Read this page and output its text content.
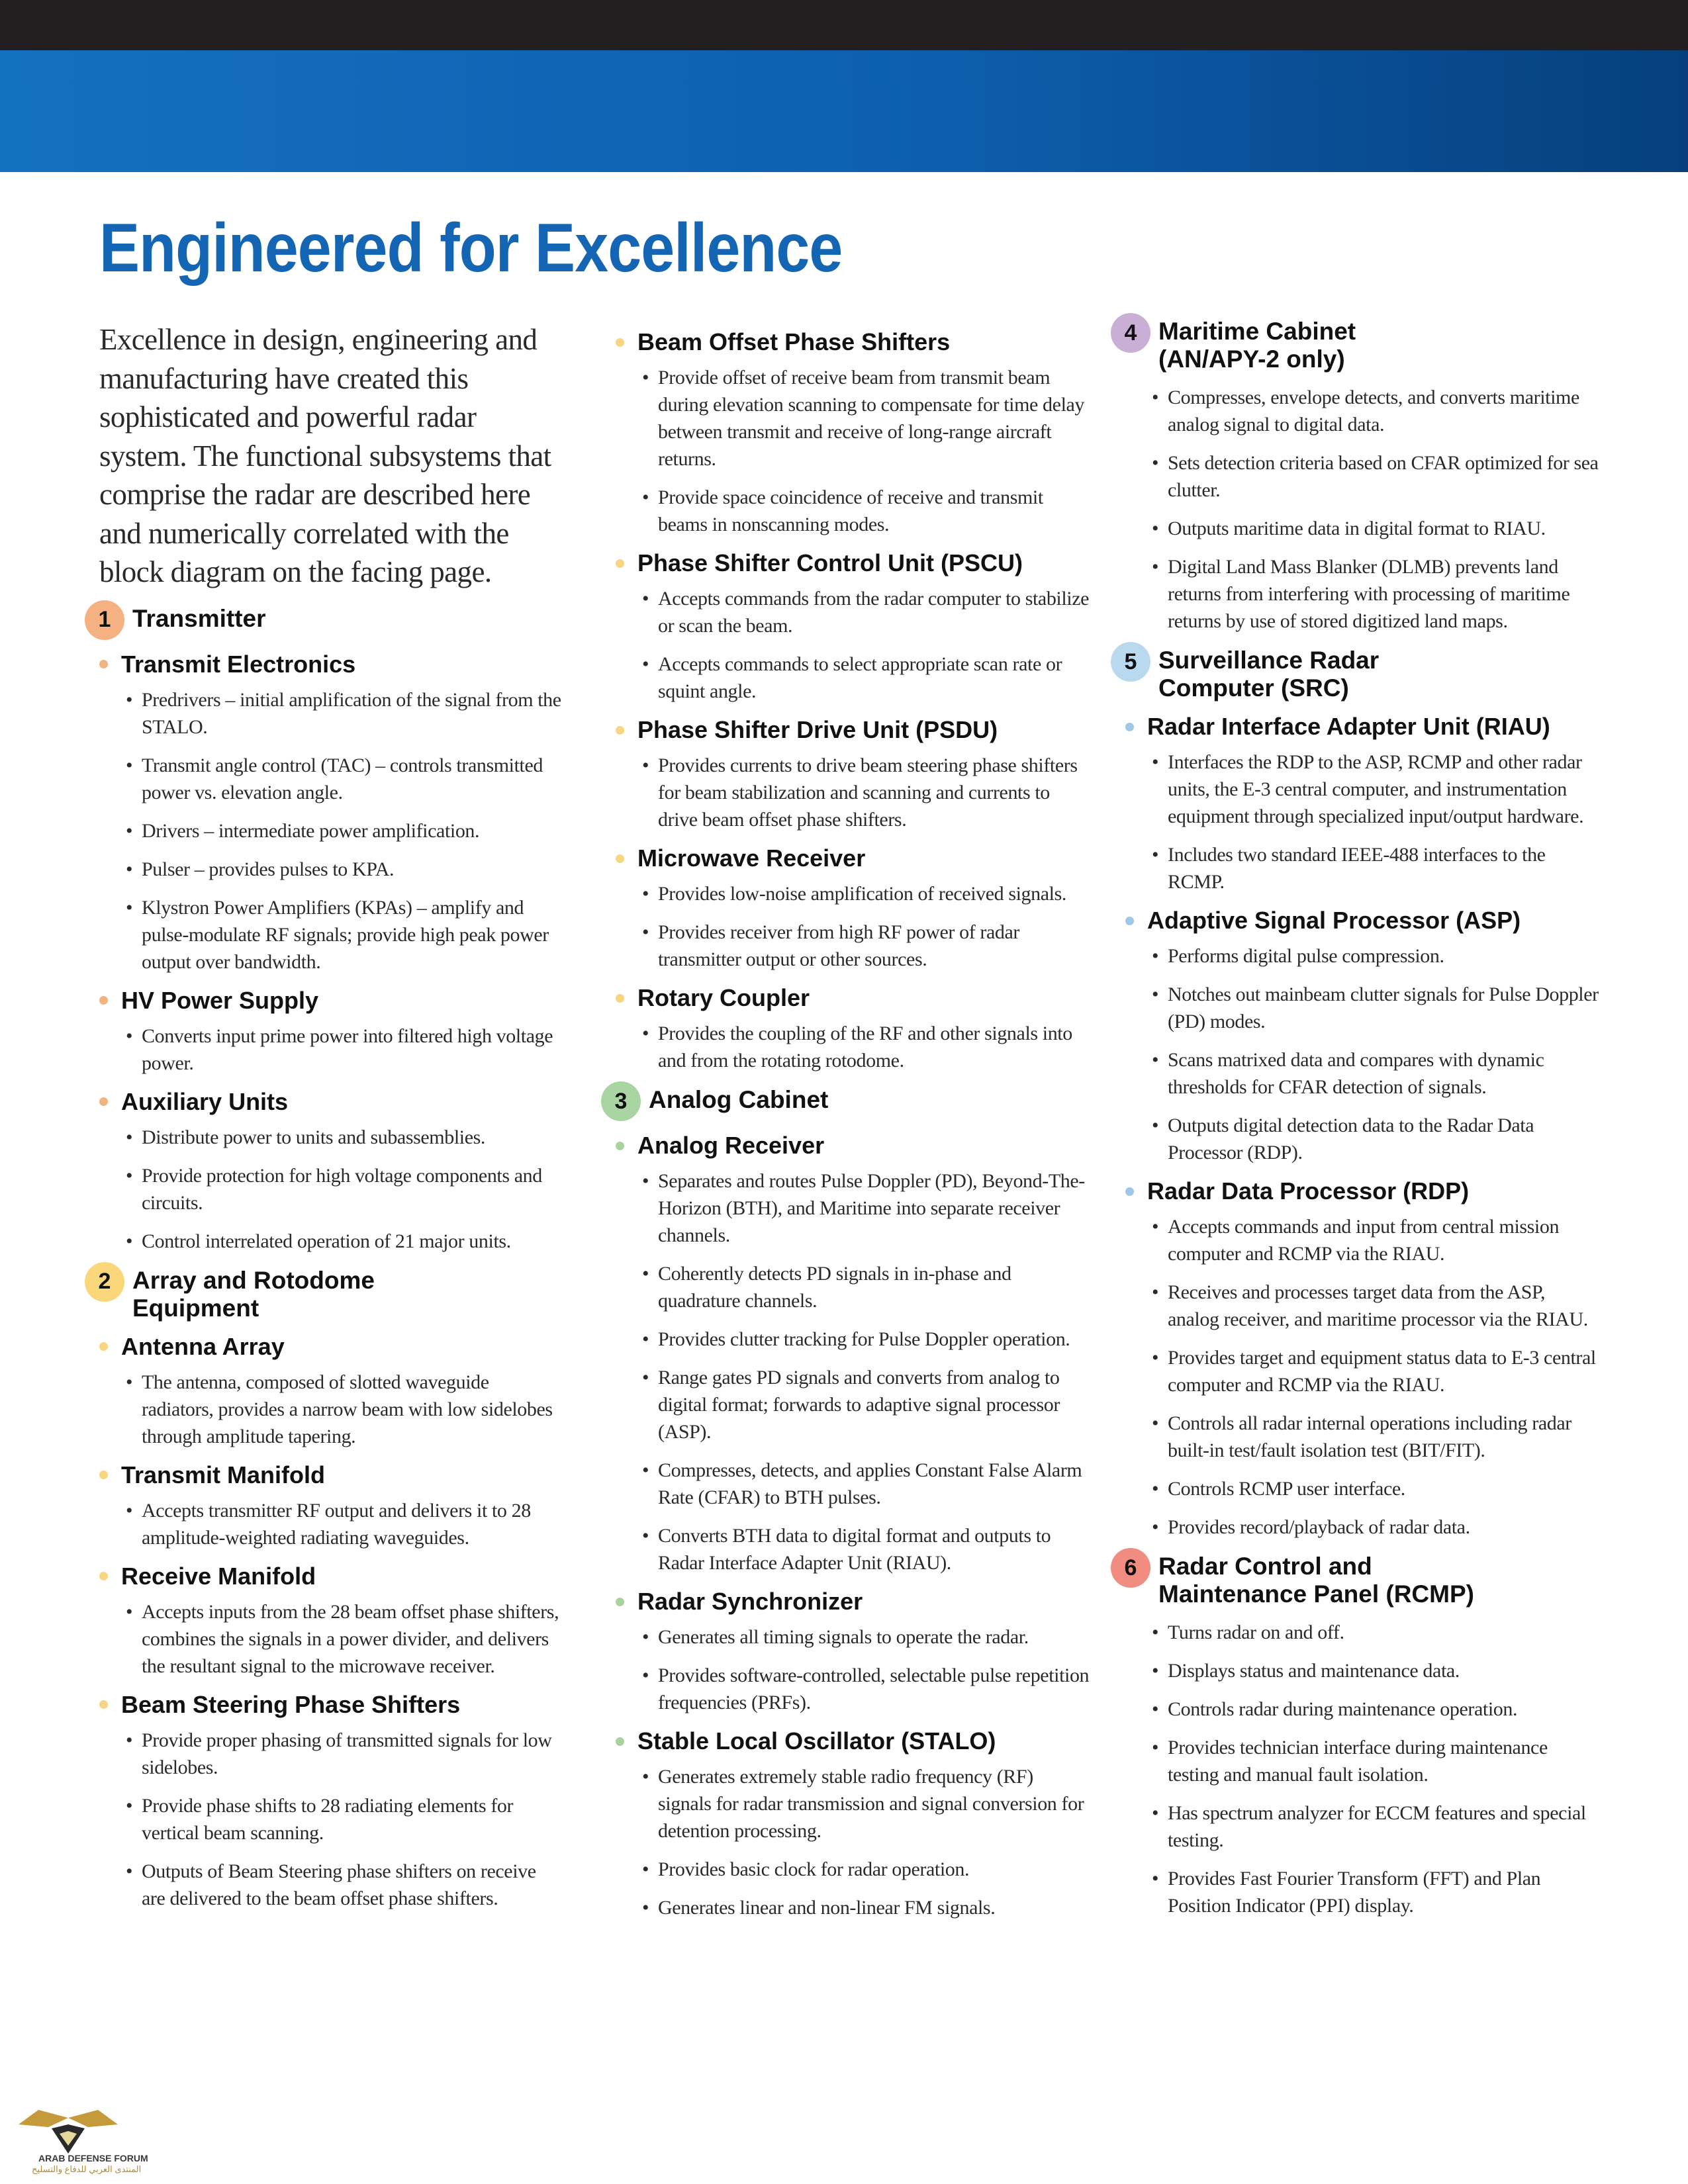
Engineered for Excellence

Excellence in design, engineering and manufacturing have created this sophisticated and powerful radar system. The functional subsystems that comprise the radar are described here and numerically correlated with the block diagram on the facing page.

1 Transmitter
Transmit Electronics
• Predrivers – initial amplification of the signal from the STALO.
• Transmit angle control (TAC) – controls transmitted power vs. elevation angle.
• Drivers – intermediate power amplification.
• Pulser – provides pulses to KPA.
• Klystron Power Amplifiers (KPAs) – amplify and pulse-modulate RF signals; provide high peak power output over bandwidth.
HV Power Supply
• Converts input prime power into filtered high voltage power.
Auxiliary Units
• Distribute power to units and subassemblies.
• Provide protection for high voltage components and circuits.
• Control interrelated operation of 21 major units.
2 Array and Rotodome
Equipment
Antenna Array
• The antenna, composed of slotted waveguide radiators, provides a narrow beam with low sidelobes through amplitude tapering.
Transmit Manifold
• Accepts transmitter RF output and delivers it to 28 amplitude-weighted radiating waveguides.
Receive Manifold
• Accepts inputs from the 28 beam offset phase shifters, combines the signals in a power divider, and delivers the resultant signal to the microwave receiver.
Beam Steering Phase Shifters
• Provide proper phasing of transmitted signals for low sidelobes.
• Provide phase shifts to 28 radiating elements for vertical beam scanning.
• Outputs of Beam Steering phase shifters on receive are delivered to the beam offset phase shifters.
Beam Offset Phase Shifters
• Provide offset of receive beam from transmit beam during elevation scanning to compensate for time delay between transmit and receive of long-range aircraft returns.
• Provide space coincidence of receive and transmit beams in nonscanning modes.
Phase Shifter Control Unit (PSCU)
• Accepts commands from the radar computer to stabilize or scan the beam.
• Accepts commands to select appropriate scan rate or squint angle.
Phase Shifter Drive Unit (PSDU)
• Provides currents to drive beam steering phase shifters for beam stabilization and scanning and currents to drive beam offset phase shifters.
Microwave Receiver
• Provides low-noise amplification of received signals.
• Provides receiver from high RF power of radar transmitter output or other sources.
Rotary Coupler
• Provides the coupling of the RF and other signals into and from the rotating rotodome.
3 Analog Cabinet
Analog Receiver
• Separates and routes Pulse Doppler (PD), Beyond-The-Horizon (BTH), and Maritime into separate receiver channels.
• Coherently detects PD signals in in-phase and quadrature channels.
• Provides clutter tracking for Pulse Doppler operation.
• Range gates PD signals and converts from analog to digital format; forwards to adaptive signal processor (ASP).
• Compresses, detects, and applies Constant False Alarm Rate (CFAR) to BTH pulses.
• Converts BTH data to digital format and outputs to Radar Interface Adapter Unit (RIAU).
Radar Synchronizer
• Generates all timing signals to operate the radar.
• Provides software-controlled, selectable pulse repetition frequencies (PRFs).
Stable Local Oscillator (STALO)
• Generates extremely stable radio frequency (RF) signals for radar transmission and signal conversion for detention processing.
• Provides basic clock for radar operation.
• Generates linear and non-linear FM signals.
4 Maritime Cabinet
(AN/APY-2 only)
• Compresses, envelope detects, and converts maritime analog signal to digital data.
• Sets detection criteria based on CFAR optimized for sea clutter.
• Outputs maritime data in digital format to RIAU.
• Digital Land Mass Blanker (DLMB) prevents land returns from interfering with processing of maritime returns by use of stored digitized land maps.
5 Surveillance Radar
Computer (SRC)
Radar Interface Adapter Unit (RIAU)
• Interfaces the RDP to the ASP, RCMP and other radar units, the E-3 central computer, and instrumentation equipment through specialized input/output hardware.
• Includes two standard IEEE-488 interfaces to the RCMP.
Adaptive Signal Processor (ASP)
• Performs digital pulse compression.
• Notches out mainbeam clutter signals for Pulse Doppler (PD) modes.
• Scans matrixed data and compares with dynamic thresholds for CFAR detection of signals.
• Outputs digital detection data to the Radar Data Processor (RDP).
Radar Data Processor (RDP)
• Accepts commands and input from central mission computer and RCMP via the RIAU.
• Receives and processes target data from the ASP, analog receiver, and maritime processor via the RIAU.
• Provides target and equipment status data to E-3 central computer and RCMP via the RIAU.
• Controls all radar internal operations including radar built-in test/fault isolation test (BIT/FIT).
• Controls RCMP user interface.
• Provides record/playback of radar data.
6 Radar Control and
Maintenance Panel (RCMP)
• Turns radar on and off.
• Displays status and maintenance data.
• Controls radar during maintenance operation.
• Provides technician interface during maintenance testing and manual fault isolation.
• Has spectrum analyzer for ECCM features and special testing.
• Provides Fast Fourier Transform (FFT) and Plan Position Indicator (PPI) display.
ARAB DEFENSE FORUM
المنتدى العربي للدفاع والتسليح
